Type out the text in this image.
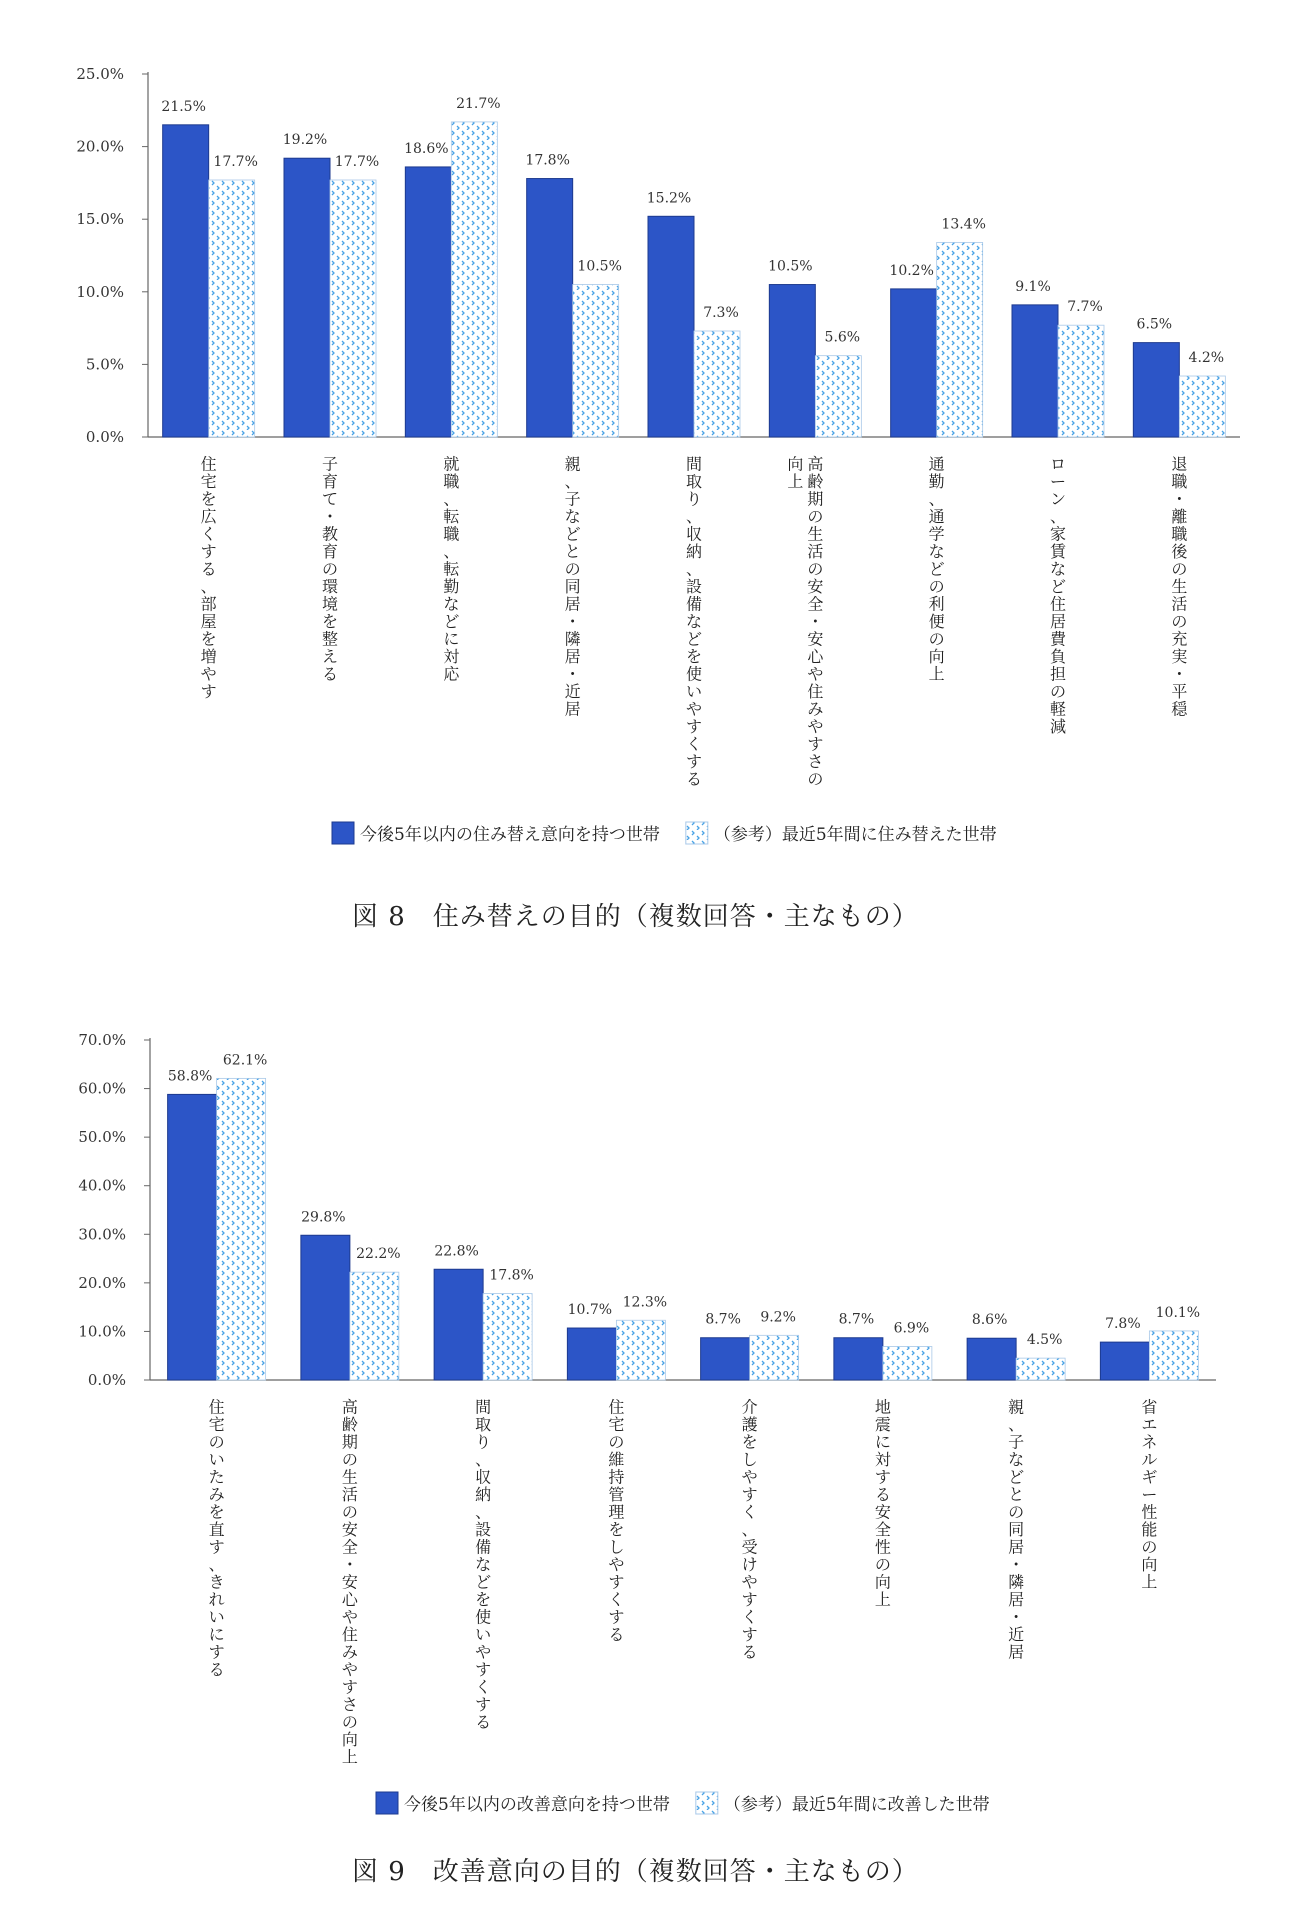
0.0%
5.0%
10.0%
15.0%
20.0%
25.0%
21.5%
17.7%
住宅を広くする、部屋を増やす
19.2%
17.7%
子育て・教育の環境を整える
18.6%
21.7%
就職、転職、転勤などに対応
17.8%
10.5%
親、子などとの同居・隣居・近居
15.2%
7.3%
間取り、収納、設備などを使いやすくする
10.5%
5.6%
高齢期の生活の安全・安心や住みやすさの
向上
10.2%
13.4%
通勤、通学などの利便の向上
9.1%
7.7%
ローン、家賃など住居費負担の軽減
6.5%
4.2%
退職・離職後の生活の充実・平穏
今後5年以内の住み替え意向を持つ世帯	（参考）最近5年間に住み替えた世帯
図 8　住み替えの目的（複数回答・主なもの）
0.0%
10.0%
20.0%
30.0%
40.0%
50.0%
60.0%
70.0%
58.8%
62.1%
住宅のいたみを直す、きれいにする
29.8%
22.2%
高齢期の生活の安全・安心や住みやすさの向上
22.8%
17.8%
間取り、収納、設備などを使いやすくする
10.7% 12.3%
住宅の維持管理をしやすくする
8.7% 9.2%
介護をしやすく、受けやすくする
8.7%
6.9%
地震に対する安全性の向上
8.6%
4.5%
親、子などとの同居・隣居・近居
7.8%
10.1%
省エネルギー性能の向上
今後5年以内の改善意向を持つ世帯	（参考）最近5年間に改善した世帯
図 9　改善意向の目的（複数回答・主なもの）
